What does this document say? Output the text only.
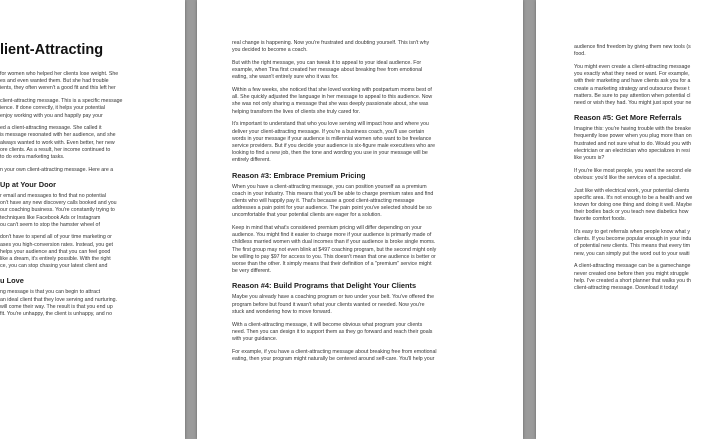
lient-Attracting

for women who helped her clients lose weight. She
es and even wanted them. But she had trouble
ients, they often weren't a good fit and this left her

client-attracting message. This is a specific message
ience. If done correctly, it helps your potential
enjoy working with you and happily pay your

ed a client-attracting message. She called it
is message resonated with her audience, and she
always wanted to work with. Even better, her new
ore clients. As a result, her income continued to
to do extra marketing tasks.

n your own client-attracting message. Here are a

Up at Your Door

r email and messages to find that no potential
on't have any new discovery calls booked and you
our coaching business. You're constantly trying to
techniques like Facebook Ads or Instagram
ou can't seem to stop the hamster wheel of

don't have to spend all of your time marketing or
ases you high-conversion rates. Instead, you get
helps your audience and that you can feel good
like a dream, it's entirely possible. With the right
ce, you can stop chasing your latest client and

u Love

ng message is that you can begin to attract
an ideal client that they love serving and nurturing.
will come their way. The result is that you end up
fit. You're unhappy, the client is unhappy, and no

real change is happening. Now you're frustrated and doubting yourself. This isn't why
you decided to become a coach.

But with the right message, you can tweak it to appeal to your ideal audience. For
example, when Tina first created her message about breaking free from emotional
eating, she wasn't entirely sure who it was for.

Within a few weeks, she noticed that she loved working with postpartum moms best of
all. She quickly adjusted the language in her message to appeal to this audience. Now
she was not only sharing a message that she was deeply passionate about, she was
helping transform the lives of clients she truly cared for.

It's important to understand that who you love serving will impact how and where you
deliver your client-attracting message. If you're a business coach, you'll use certain
words in your message if your audience is millennial women who want to be freelance
service providers. But if you decide your audience is six-figure male executives who are
looking to find a new job, then the tone and wording you use in your message will be
entirely different.

Reason #3: Embrace Premium Pricing

When you have a client-attracting message, you can position yourself as a premium
coach in your industry. This means that you'll be able to charge premium rates and find
clients who will happily pay it. That's because a good client-attracting message
addresses a pain point for your audience. The pain point you've selected should be so
uncomfortable that your potential clients are eager for a solution.

Keep in mind that what's considered premium pricing will differ depending on your
audience. You might find it easier to charge more if your audience is primarily made of
childless married women with dual incomes than if your audience is broke single moms.
The first group may not even blink at $497 coaching program, but the second might only
be willing to pay $97 for access to you. This doesn't mean that one audience is better or
worse than the other. It simply means that their definition of a "premium" service might
be very different.

Reason #4: Build Programs that Delight Your Clients

Maybe you already have a coaching program or two under your belt. You've offered the
program before but found it wasn't what your clients wanted or needed. Now you're
stuck and wondering how to move forward.

With a client-attracting message, it will become obvious what program your clients
need. Then you can design it to support them as they go forward and reach their goals
with your guidance.

For example, if you have a client-attracting message about breaking free from emotional
eating, then your program might naturally be centered around self-care. You'll help your

audience find freedom by giving them new tools (s
food.

You might even create a client-attracting message
you exactly what they need or want. For example,
with their marketing and have clients ask you for a
create a marketing strategy and outsource these t
matters. Be sure to pay attention when potential cl
need or wish they had. You might just spot your ne

Reason #5: Get More Referrals

Imagine this: you're having trouble with the breake
frequently lose power when you plug more than on
frustrated and not sure what to do. Would you with
electrician or an electrician who specializes in resi
like yours is?

If you're like most people, you want the second ele
obvious: you'd like the services of a specialist.

Just like with electrical work, your potential clients
specific area. It's not enough to be a health and we
known for doing one thing and doing it well. Maybe
their bodies back or you teach new diabetics how
favorite comfort foods.

It's easy to get referrals when people know what y
clients. If you become popular enough in your indu
of potential new clients. This means that every tim
new, you can simply put the word out to your waiti

A client-attracting message can be a gamechange
never created one before then you might struggle
help. I've created a short planner that walks you th
client-attracting message. Download it today!
